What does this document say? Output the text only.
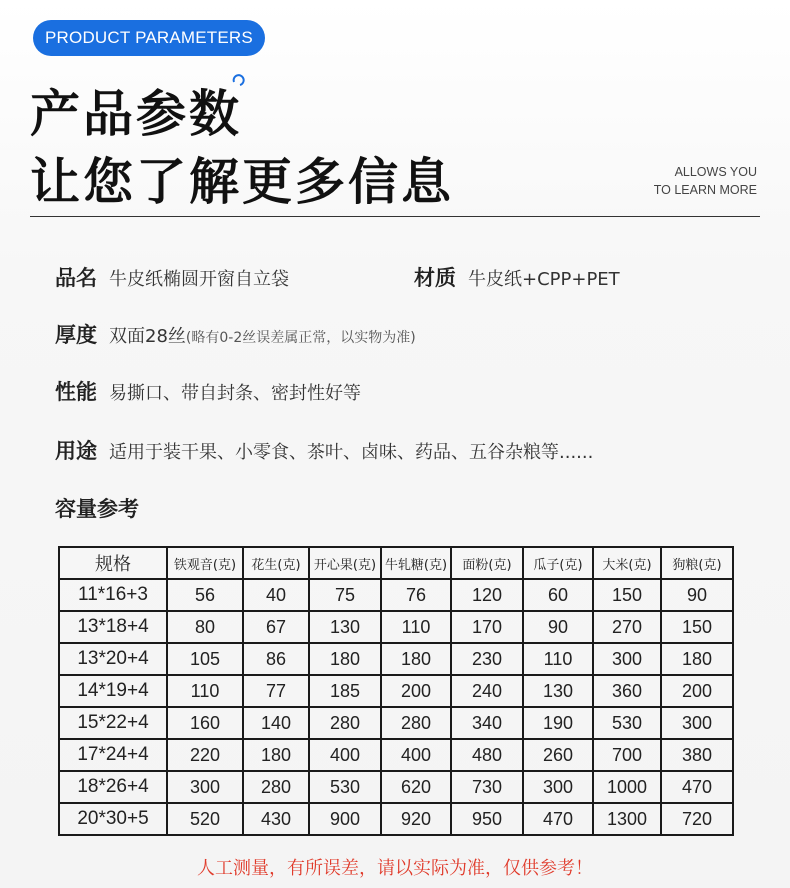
PRODUCT PARAMETERS
产品参数
让您了解更多信息	ALLOWS YOU
TO LEARN MORE
品名 牛皮纸椭圆开窗自立袋	材质 牛皮纸+CPP+PET
厚度 双面28丝(略有0-2丝误差属正常，以实物为准)
性能 易撕口、带自封条、密封性好等
用途 适用于装干果、小零食、茶叶、卤味、药品、五谷杂粮等......
容量参考
规格	铁观音(克)	花生(克)	开心果(克)	牛轧糖(克)	面粉(克)	瓜子(克)	大米(克)	狗粮(克)
11*16+3	56	40	75	76	120	60	150	90
13*18+4	80	67	130	110	170	90	270	150
13*20+4	105	86	180	180	230	110	300	180
14*19+4	110	77	185	200	240	130	360	200
15*22+4	160	140	280	280	340	190	530	300
17*24+4	220	180	400	400	480	260	700	380
18*26+4	300	280	530	620	730	300	1000	470
20*30+5	520	430	900	920	950	470	1300	720
人工测量，有所误差，请以实际为准，仅供参考！
